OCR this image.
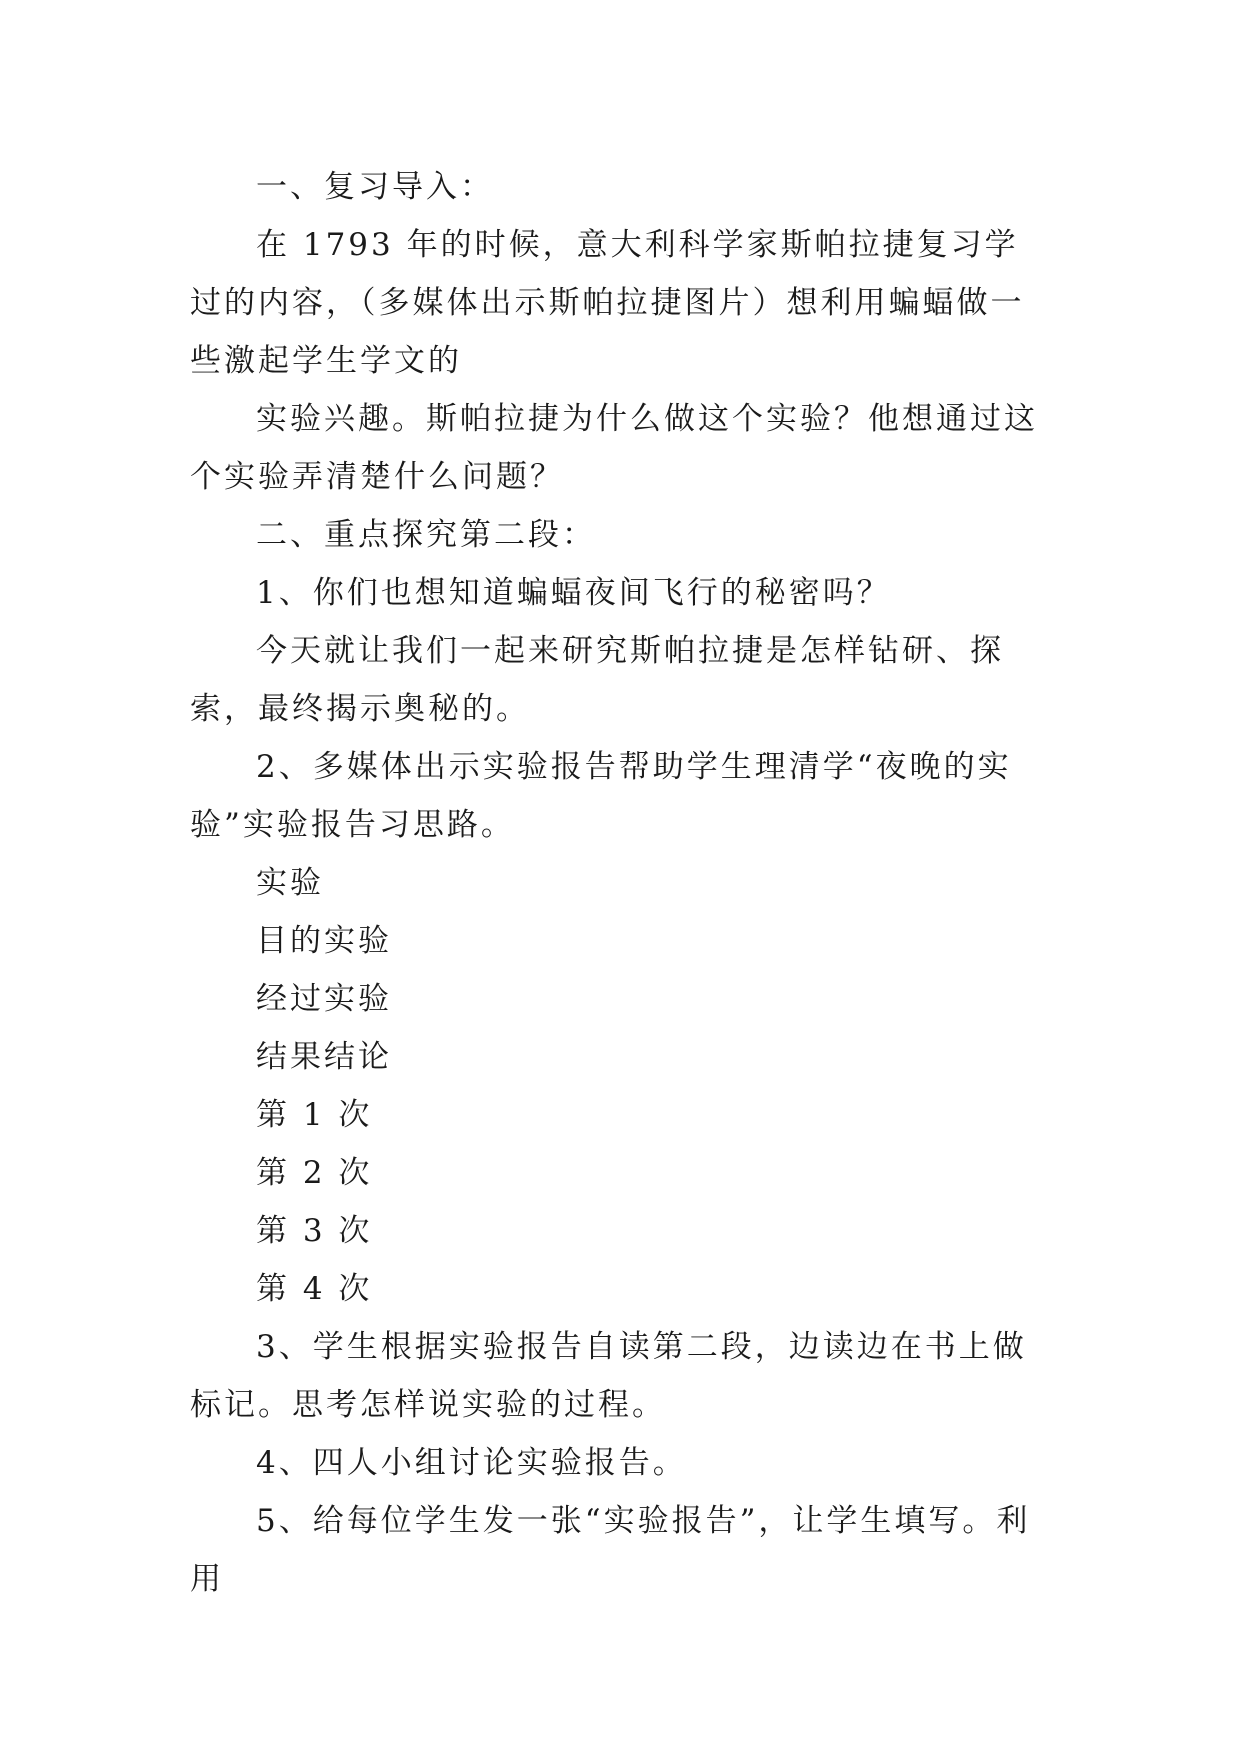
一、复习导入：

在 1793 年的时候，意大利科学家斯帕拉捷复习学过的内容，（多媒体出示斯帕拉捷图片）想利用蝙蝠做一些激起学生学文的

实验兴趣。斯帕拉捷为什么做这个实验？他想通过这个实验弄清楚什么问题？

二、重点探究第二段：

1、你们也想知道蝙蝠夜间飞行的秘密吗？

今天就让我们一起来研究斯帕拉捷是怎样钻研、探索，最终揭示奥秘的。

2、多媒体出示实验报告帮助学生理清学“夜晚的实验”实验报告习思路。

实验

目的实验

经过实验

结果结论

第 1 次

第 2 次

第 3 次

第 4 次

3、学生根据实验报告自读第二段，边读边在书上做标记。思考怎样说实验的过程。

4、四人小组讨论实验报告。

5、给每位学生发一张“实验报告”，让学生填写。利用
